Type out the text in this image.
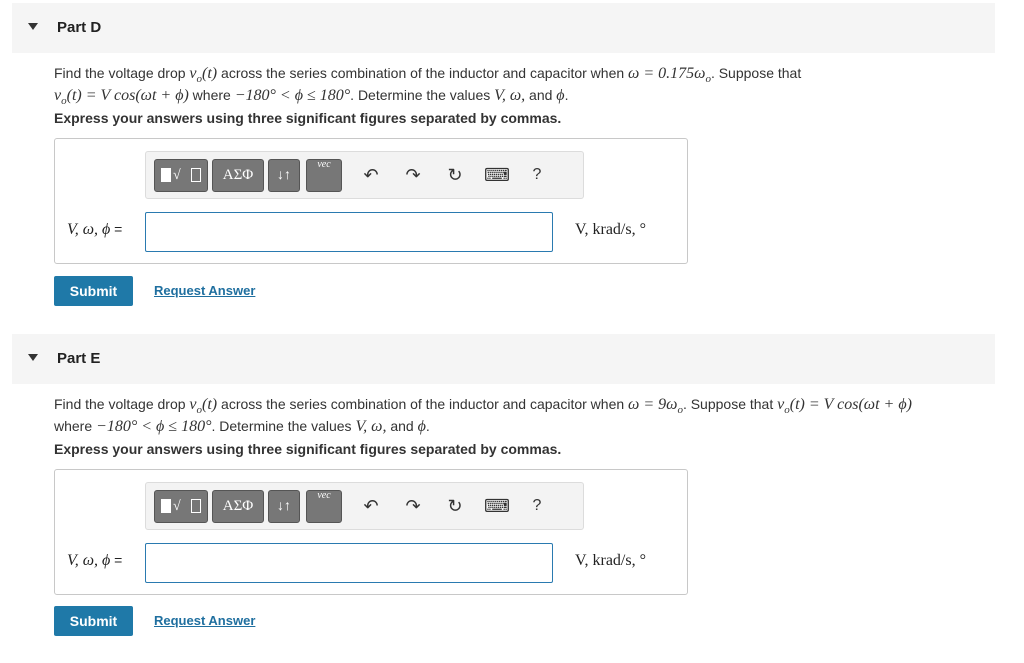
Part D
Find the voltage drop $v_o(t)$ across the series combination of the inductor and capacitor when $\omega = 0.175\omega_o$. Suppose that
$v_o(t) = V$ cos(ωt + ϕ) where −180° < ϕ ≤ 180°. Determine the values V, ω, and ϕ.
Express your answers using three significant figures separated by commas.
√	ΑΣΦ	↓↑
vec
↶ ↷ ↻ ⌨	?
V, ω, ϕ =	V, krad/s, °
Submit	Request Answer
Part E
Find the voltage drop $v_o(t)$ across the series combination of the inductor and capacitor when $\omega = 9\omega_o$. Suppose that $v_o(t) = V$ cos(ωt + ϕ)
where −180° < ϕ ≤ 180°. Determine the values V, ω, and ϕ.
Express your answers using three significant figures separated by commas.
√	ΑΣΦ	↓↑
vec
↶ ↷ ↻ ⌨	?
V, ω, ϕ =	V, krad/s, °
Submit	Request Answer
